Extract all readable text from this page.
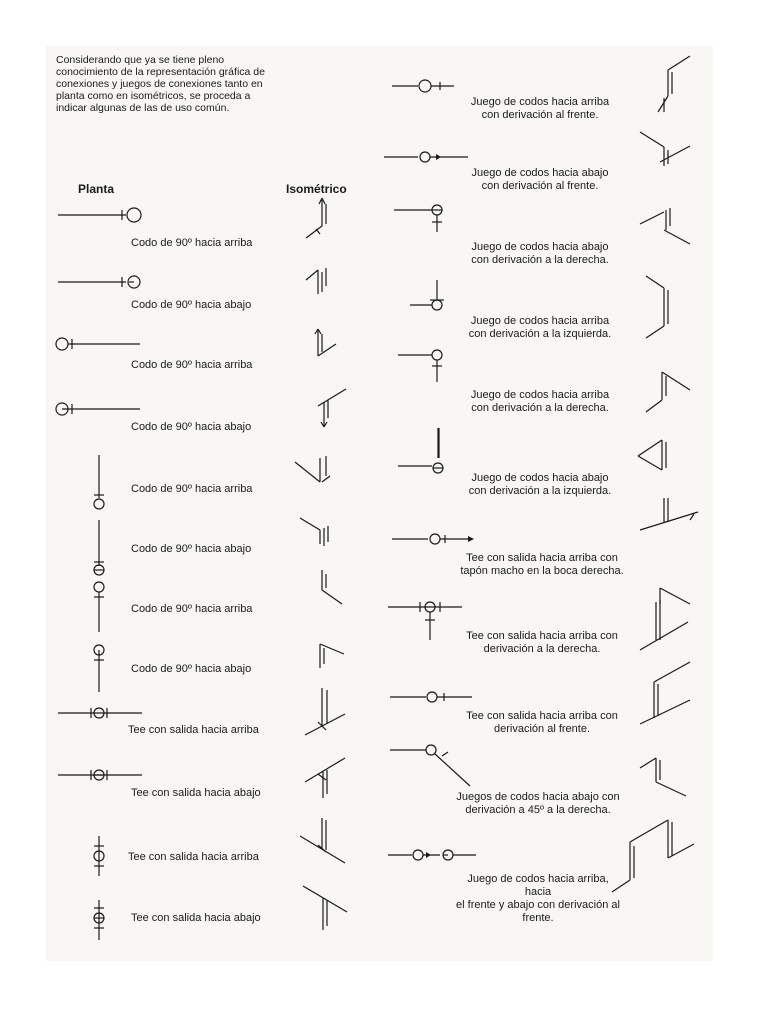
Considerando que ya se tiene pleno conocimiento de la representación gráfica de conexiones y juegos de conexiones tanto en planta como en isométricos, se proceda a indicar algunas de las de uso común.
Planta	Isométrico
Codo de 90º hacia arriba
Codo de 90º hacia abajo
Codo de 90º hacia arriba
Codo de 90º hacia abajo
Codo de 90º hacia arriba
Codo de 90º hacia abajo
Codo de 90º hacia arriba
Codo de 90º hacia abajo
Tee con salida hacia arriba
Tee con salida hacia abajo
Tee con salida hacia arriba
Tee con salida hacia abajo
Juego de codos hacia arriba
con derivación al frente.
Juego de codos hacia abajo
con derivación al frente.
Juego de codos hacia abajo
con derivación a la derecha.
Juego de codos hacia arriba
con derivación a la izquierda.
Juego de codos hacia arriba
con derivación a la derecha.
Juego de codos hacia abajo
con derivación a la izquierda.
Tee con salida hacia arriba con
tapón macho en la boca derecha.
Tee con salida hacia arriba con
derivación a la derecha.
Tee con salida hacia arriba con
derivación al frente.
Juegos de codos hacia abajo con
derivación a 45º a la derecha.
Juego de codos hacia arriba,
hacia
el frente y abajo con derivación al
frente.
